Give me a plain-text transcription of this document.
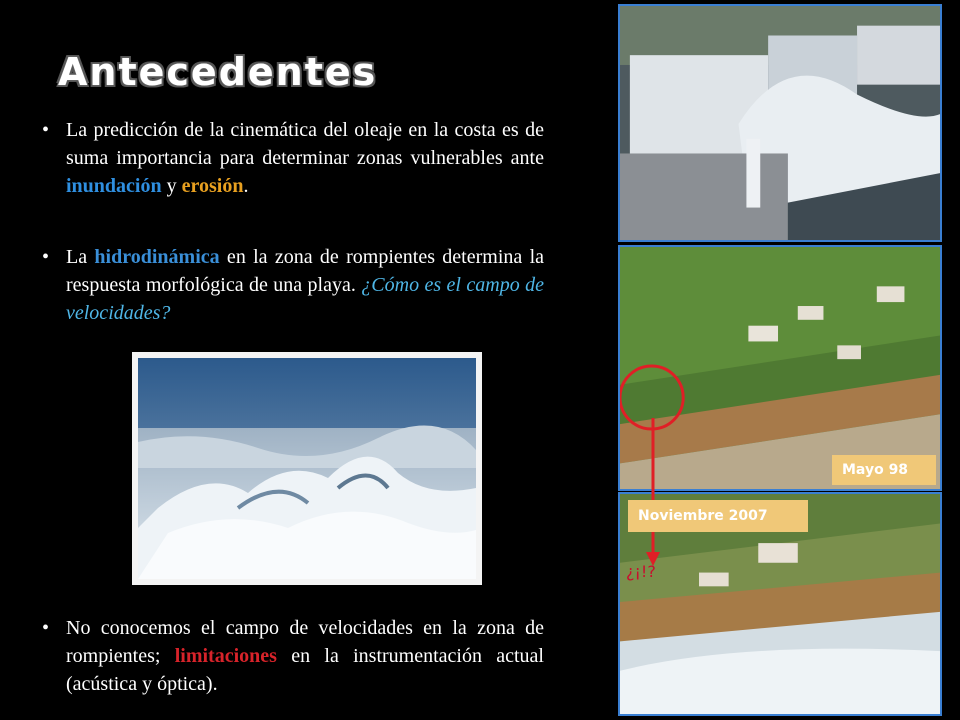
Antecedentes
• La predicción de la cinemática del oleaje en la costa es de suma importancia para determinar zonas vulnerables ante inundación y erosión.
• La hidrodinámica en la zona de rompientes determina la respuesta morfológica de una playa. ¿Cómo es el campo de velocidades?
• No conocemos el campo de velocidades en la zona de rompientes; limitaciones en la instrumentación actual (acústica y óptica).
Mayo 98
Noviembre 2007
¿¡!?
